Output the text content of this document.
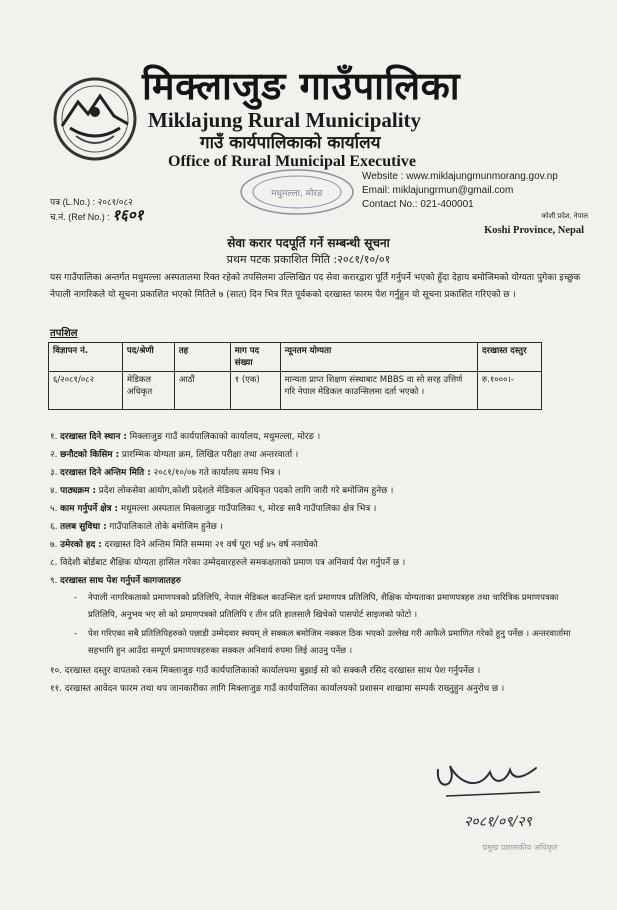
मिक्लाजुङ गाउँपालिका
Miklajung Rural Municipality
गाउँ कार्यपालिकाको कार्यालय
Office of Rural Municipal Executive
मधुमल्ला, मोरङ
Website : www.miklajungmunmorang.gov.np
Email: miklajungrmun@gmail.com
Contact No.: 021-400001
कोशी प्रदेश, नेपाल
Koshi Province, Nepal
पत्र (L.No.) : २०८१/०८२
च.नं. (Ref No.) : १६०१
सेवा करार पदपूर्ति गर्ने सम्बन्धी सूचना
प्रथम पटक प्रकाशित मिति :२०८१/१०/०१

यस गाउँपालिका अन्तर्गत मधुमल्ला अस्पतालमा रिक्त रहेको तपसिलमा उल्लिखित पद सेवा करारद्वारा पूर्ति गर्नुपर्ने भएको हुँदा देहाय बमोजिमको योग्यता पुगेका इच्छुक नेपाली नागरिकले यो सूचना प्रकाशित भएको मितिले ७ (सात) दिन भित्र रित पूर्वकको दरखास्त फारम पेश गर्नुहुन यो सूचना प्रकाशित गरिएको छ ।

तपशिल
विज्ञापन नं.	पद/श्रेणी	तह	माग पद संख्या	न्यूनतम योग्यता	दरखास्त दस्तुर
६/२०८१/०८२	मेडिकल अधिकृत	आठौं	१ (एक)	मान्यता प्राप्त शिक्षण संस्थाबाट MBBS वा सो सरह उत्तिर्ण गरि नेपाल मेडिकल काउन्सिलमा दर्ता भएको ।	रु.१०००।-
१. दरखास्त दिने स्थान : मिक्लाजुङ गाउँ कार्यपालिकाको कार्यालय, मधुमल्ला, मोरङ ।
२. छनौटको किसिम : प्रारम्भिक योग्यता क्रम, लिखित परीक्षा तथा अन्तरवार्ता ।
३. दरखास्त दिने अन्तिम मिति : २०८१/१०/०७ गते कार्यालय समय भित्र ।
४. पाठ्यक्रम : प्रदेश लोकसेवा आयोग,कोशी प्रदेशले मेडिकल अधिकृत पदको लागि जारी गरे बमोजिम हुनेछ ।
५. काम गर्नुपर्ने क्षेत्र : मधुमल्ला अस्पताल मिक्लाजुङ गाउँपालिका ९, मोरङ सावै गाउँपालिका क्षेत्र भित्र ।
६. तलब सुविधा : गाउँपालिकाले तोके बमोजिम हुनेछ ।
७. उमेरको हद : दरखास्त दिने अन्तिम मिति सम्ममा २१ वर्ष पूरा भई ४५ वर्ष ननाघेको
८. विदेशी बोर्डबाट शैक्षिक योग्यता हासिल गरेका उम्मेदवारहरुले समकक्षताको प्रमाण पत्र अनिवार्य पेश गर्नुपर्ने छ ।
९. दरखास्त साथ पेश गर्नुपर्ने कागजातहरु
- नेपाली नागरिकताको प्रमाणपत्रको प्रतिलिपि, नेपाल मेडिकल काउन्सिल दर्ता प्रमाणपत्र प्रतिलिपि, शैक्षिक योग्यताका प्रमाणपत्रहरु तथा चारित्रिक प्रमाणपत्रका प्रतिलिपि, अनुभव भए सो को प्रमाणपत्रको प्रतिलिपि र तीन प्रति हालसालै खिचेको पासपोर्ट साइजको फोटो ।
- पेश गरिएका सबै प्रतिलिपिहरुको पछाडी उम्मेदवार स्वयम् ले सक्कल बमोजिम नक्कल ठिक भएको उल्लेख गरी आफैले प्रमाणित गरेको हुनु पर्नेछ । अन्तरवार्तामा सहभागि हुन आउँदा सम्पूर्ण प्रमाणपत्रहरुका सक्कल अनिवार्य रुपमा लिई आउनु पर्नेछ ।
१०. दरखास्त दस्तुर वापतको रकम मिक्लाजुङ गाउँ कार्यपालिकाको कार्यालयमा बुझाई सो को सक्कलै रसिद दरखास्त साथ पेश गर्नुपर्नेछ ।
११. दरखास्त आवेदन फारम तथा थप जानकारीका लागि मिक्लाजुङ गाउँ कार्यपालिका कार्यालयको प्रशासन शाखामा सम्पर्क राख्नुहुन अनुरोध छ ।
२०८१/०९/२९
प्रमुख प्रशासकीय अधिकृत
